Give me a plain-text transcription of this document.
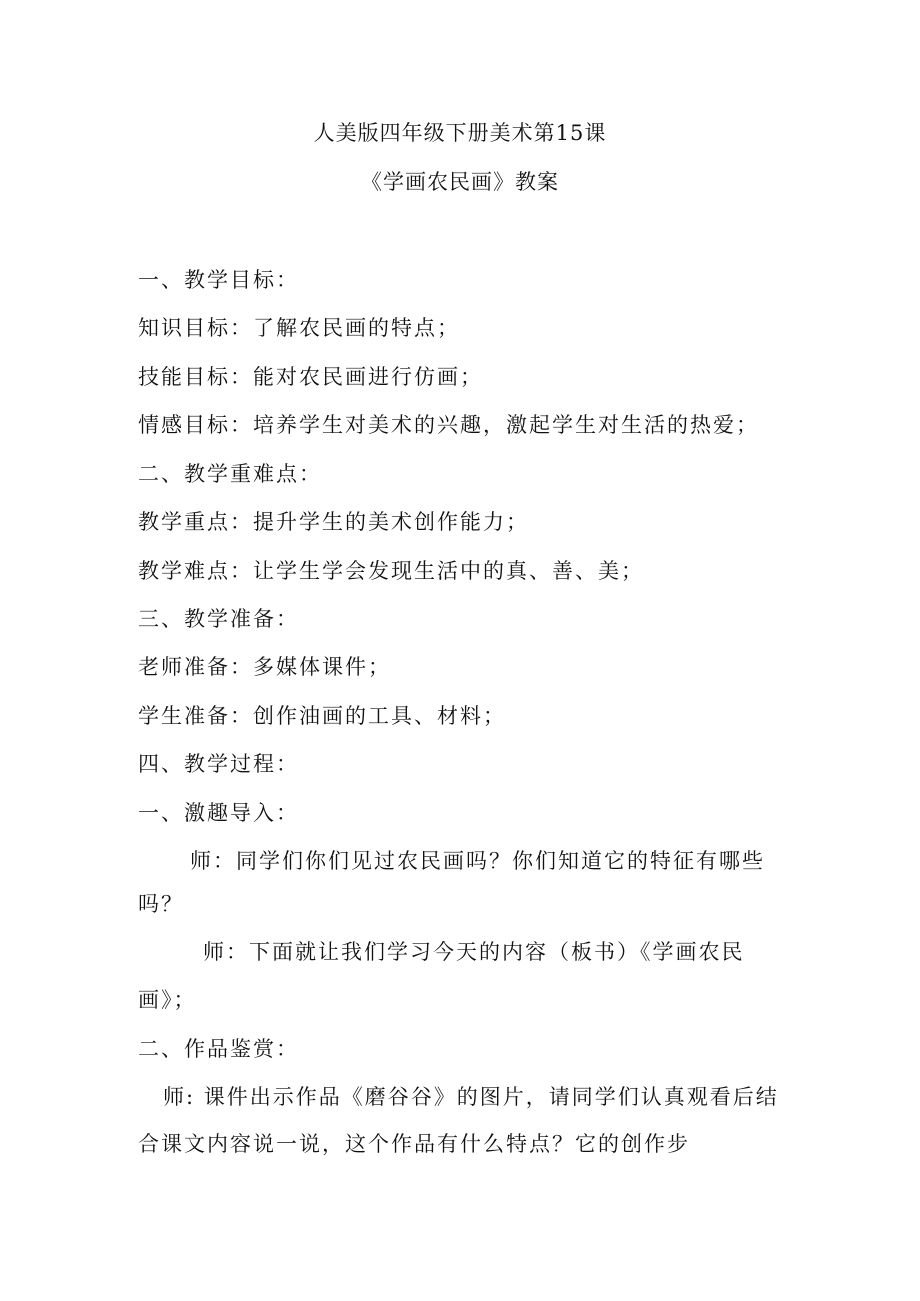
人美版四年级下册美术第15课
《学画农民画》教案
一、教学目标：
知识目标：了解农民画的特点；
技能目标：能对农民画进行仿画；
情感目标：培养学生对美术的兴趣，激起学生对生活的热爱；
二、教学重难点：
教学重点：提升学生的美术创作能力；
教学难点：让学生学会发现生活中的真、善、美；
三、教学准备：
老师准备：多媒体课件；
学生准备：创作油画的工具、材料；
四、教学过程：
一、激趣导入：
师：同学们你们见过农民画吗？你们知道它的特征有哪些
吗？
师：下面就让我们学习今天的内容（板书）《学画农民
画》；
二、作品鉴赏：
师: 课件出示作品《磨谷谷》的图片，请同学们认真观看后结
合课文内容说一说，这个作品有什么特点？它的创作步
